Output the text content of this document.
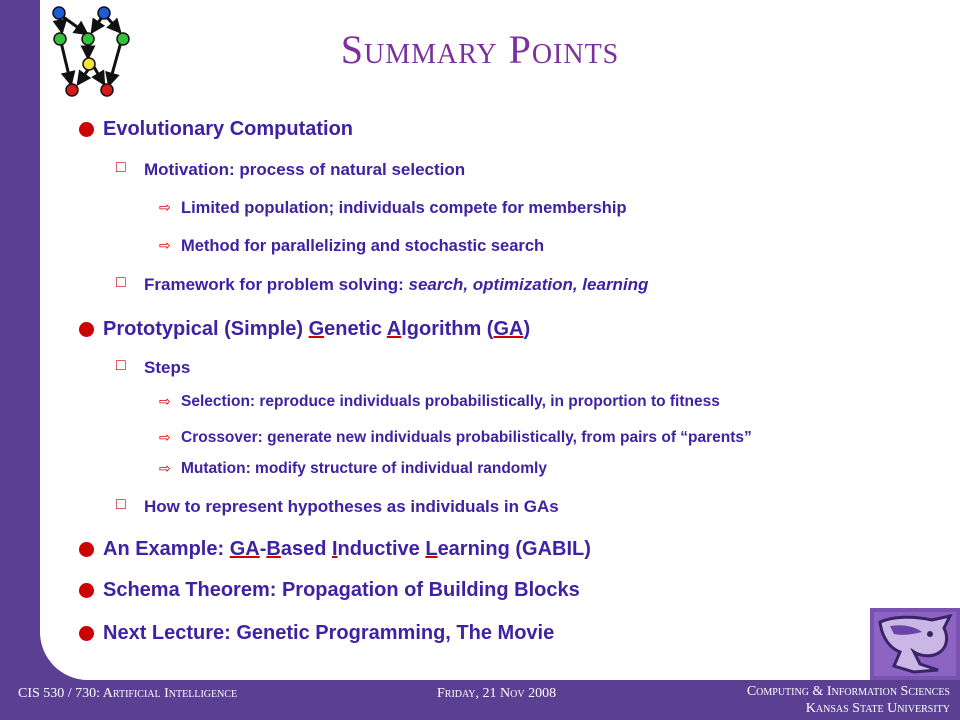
Summary Points
Evolutionary Computation
□ Motivation: process of natural selection
⇨ Limited population; individuals compete for membership
⇨ Method for parallelizing and stochastic search
□ Framework for problem solving: search, optimization, learning
Prototypical (Simple) Genetic Algorithm (GA)
□ Steps
⇨ Selection: reproduce individuals probabilistically, in proportion to fitness
⇨ Crossover: generate new individuals probabilistically, from pairs of “parents”
⇨ Mutation: modify structure of individual randomly
□ How to represent hypotheses as individuals in GAs
An Example: GA-Based Inductive Learning (GABIL)
Schema Theorem: Propagation of Building Blocks
Next Lecture: Genetic Programming, The Movie
CIS 530 / 730: Artificial Intelligence	Friday, 21 Nov 2008	Computing & Information Sciences
Kansas State University
